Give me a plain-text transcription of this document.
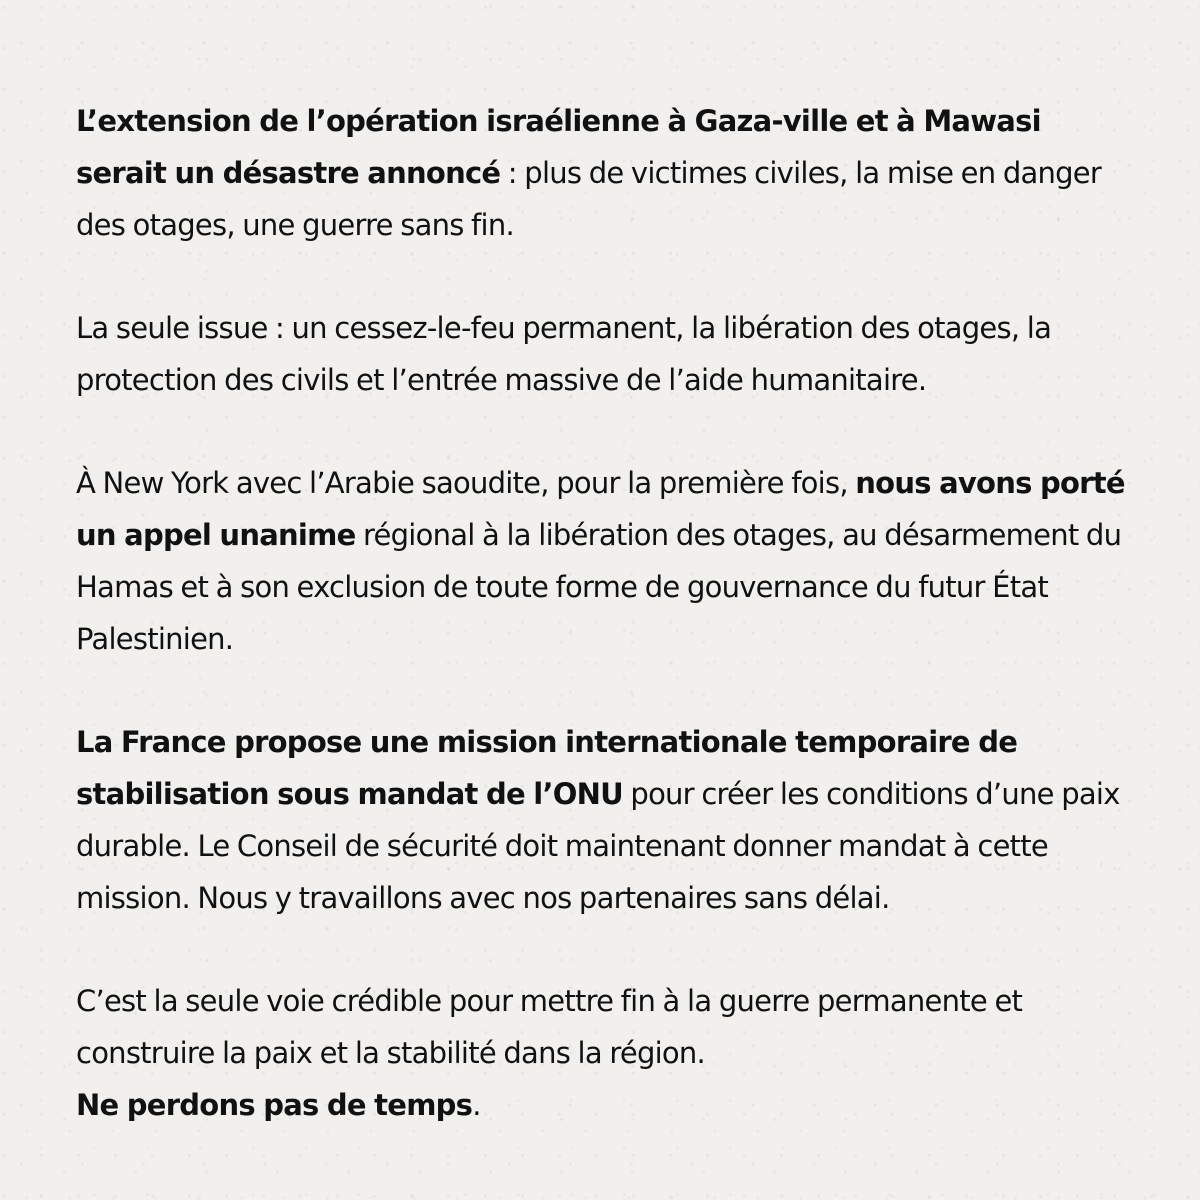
L’extension de l’opération israélienne à Gaza-ville et à Mawasi serait un désastre annoncé : plus de victimes civiles, la mise en danger des otages, une guerre sans fin.

La seule issue : un cessez-le-feu permanent, la libération des otages, la protection des civils et l’entrée massive de l’aide humanitaire.

À New York avec l’Arabie saoudite, pour la première fois, nous avons porté un appel unanime régional à la libération des otages, au désarmement du Hamas et à son exclusion de toute forme de gouvernance du futur État Palestinien.

La France propose une mission internationale temporaire de stabilisation sous mandat de l’ONU pour créer les conditions d’une paix durable. Le Conseil de sécurité doit maintenant donner mandat à cette mission. Nous y travaillons avec nos partenaires sans délai.

C’est la seule voie crédible pour mettre fin à la guerre permanente et construire la paix et la stabilité dans la région.
Ne perdons pas de temps.
